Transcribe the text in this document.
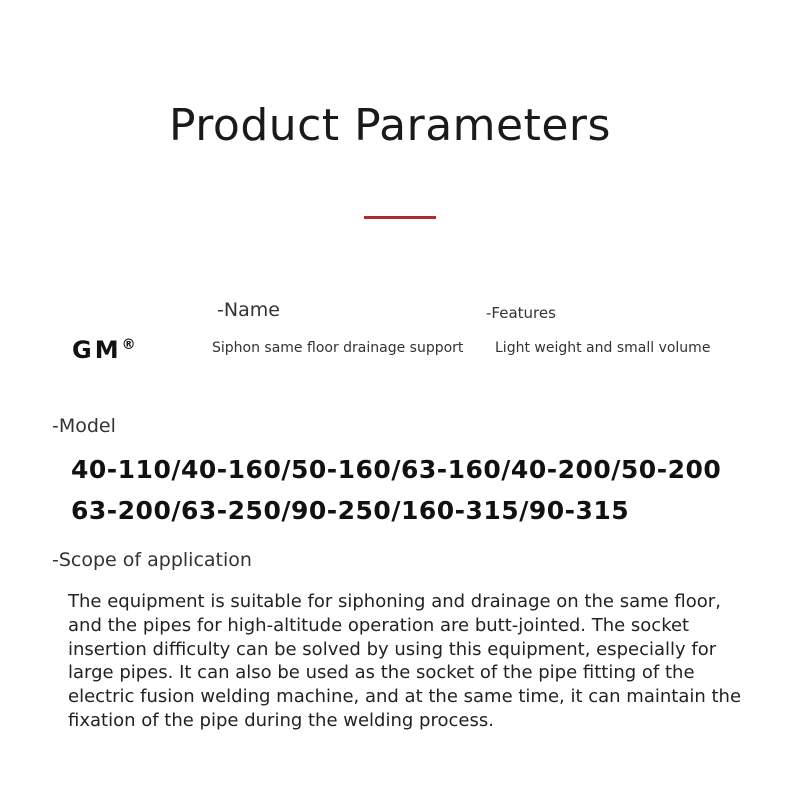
Product Parameters
-Name	-Features
GM®	Siphon same floor drainage support Light weight and small volume
-Model
40-110/40-160/50-160/63-160/40-200/50-200
63-200/63-250/90-250/160-315/90-315
-Scope of application
The equipment is suitable for siphoning and drainage on the same floor, and the pipes for high-altitude operation are butt-jointed. The socket insertion difficulty can be solved by using this equipment, especially for large pipes. It can also be used as the socket of the pipe fitting of the electric fusion welding machine, and at the same time, it can maintain the fixation of the pipe during the welding process.
